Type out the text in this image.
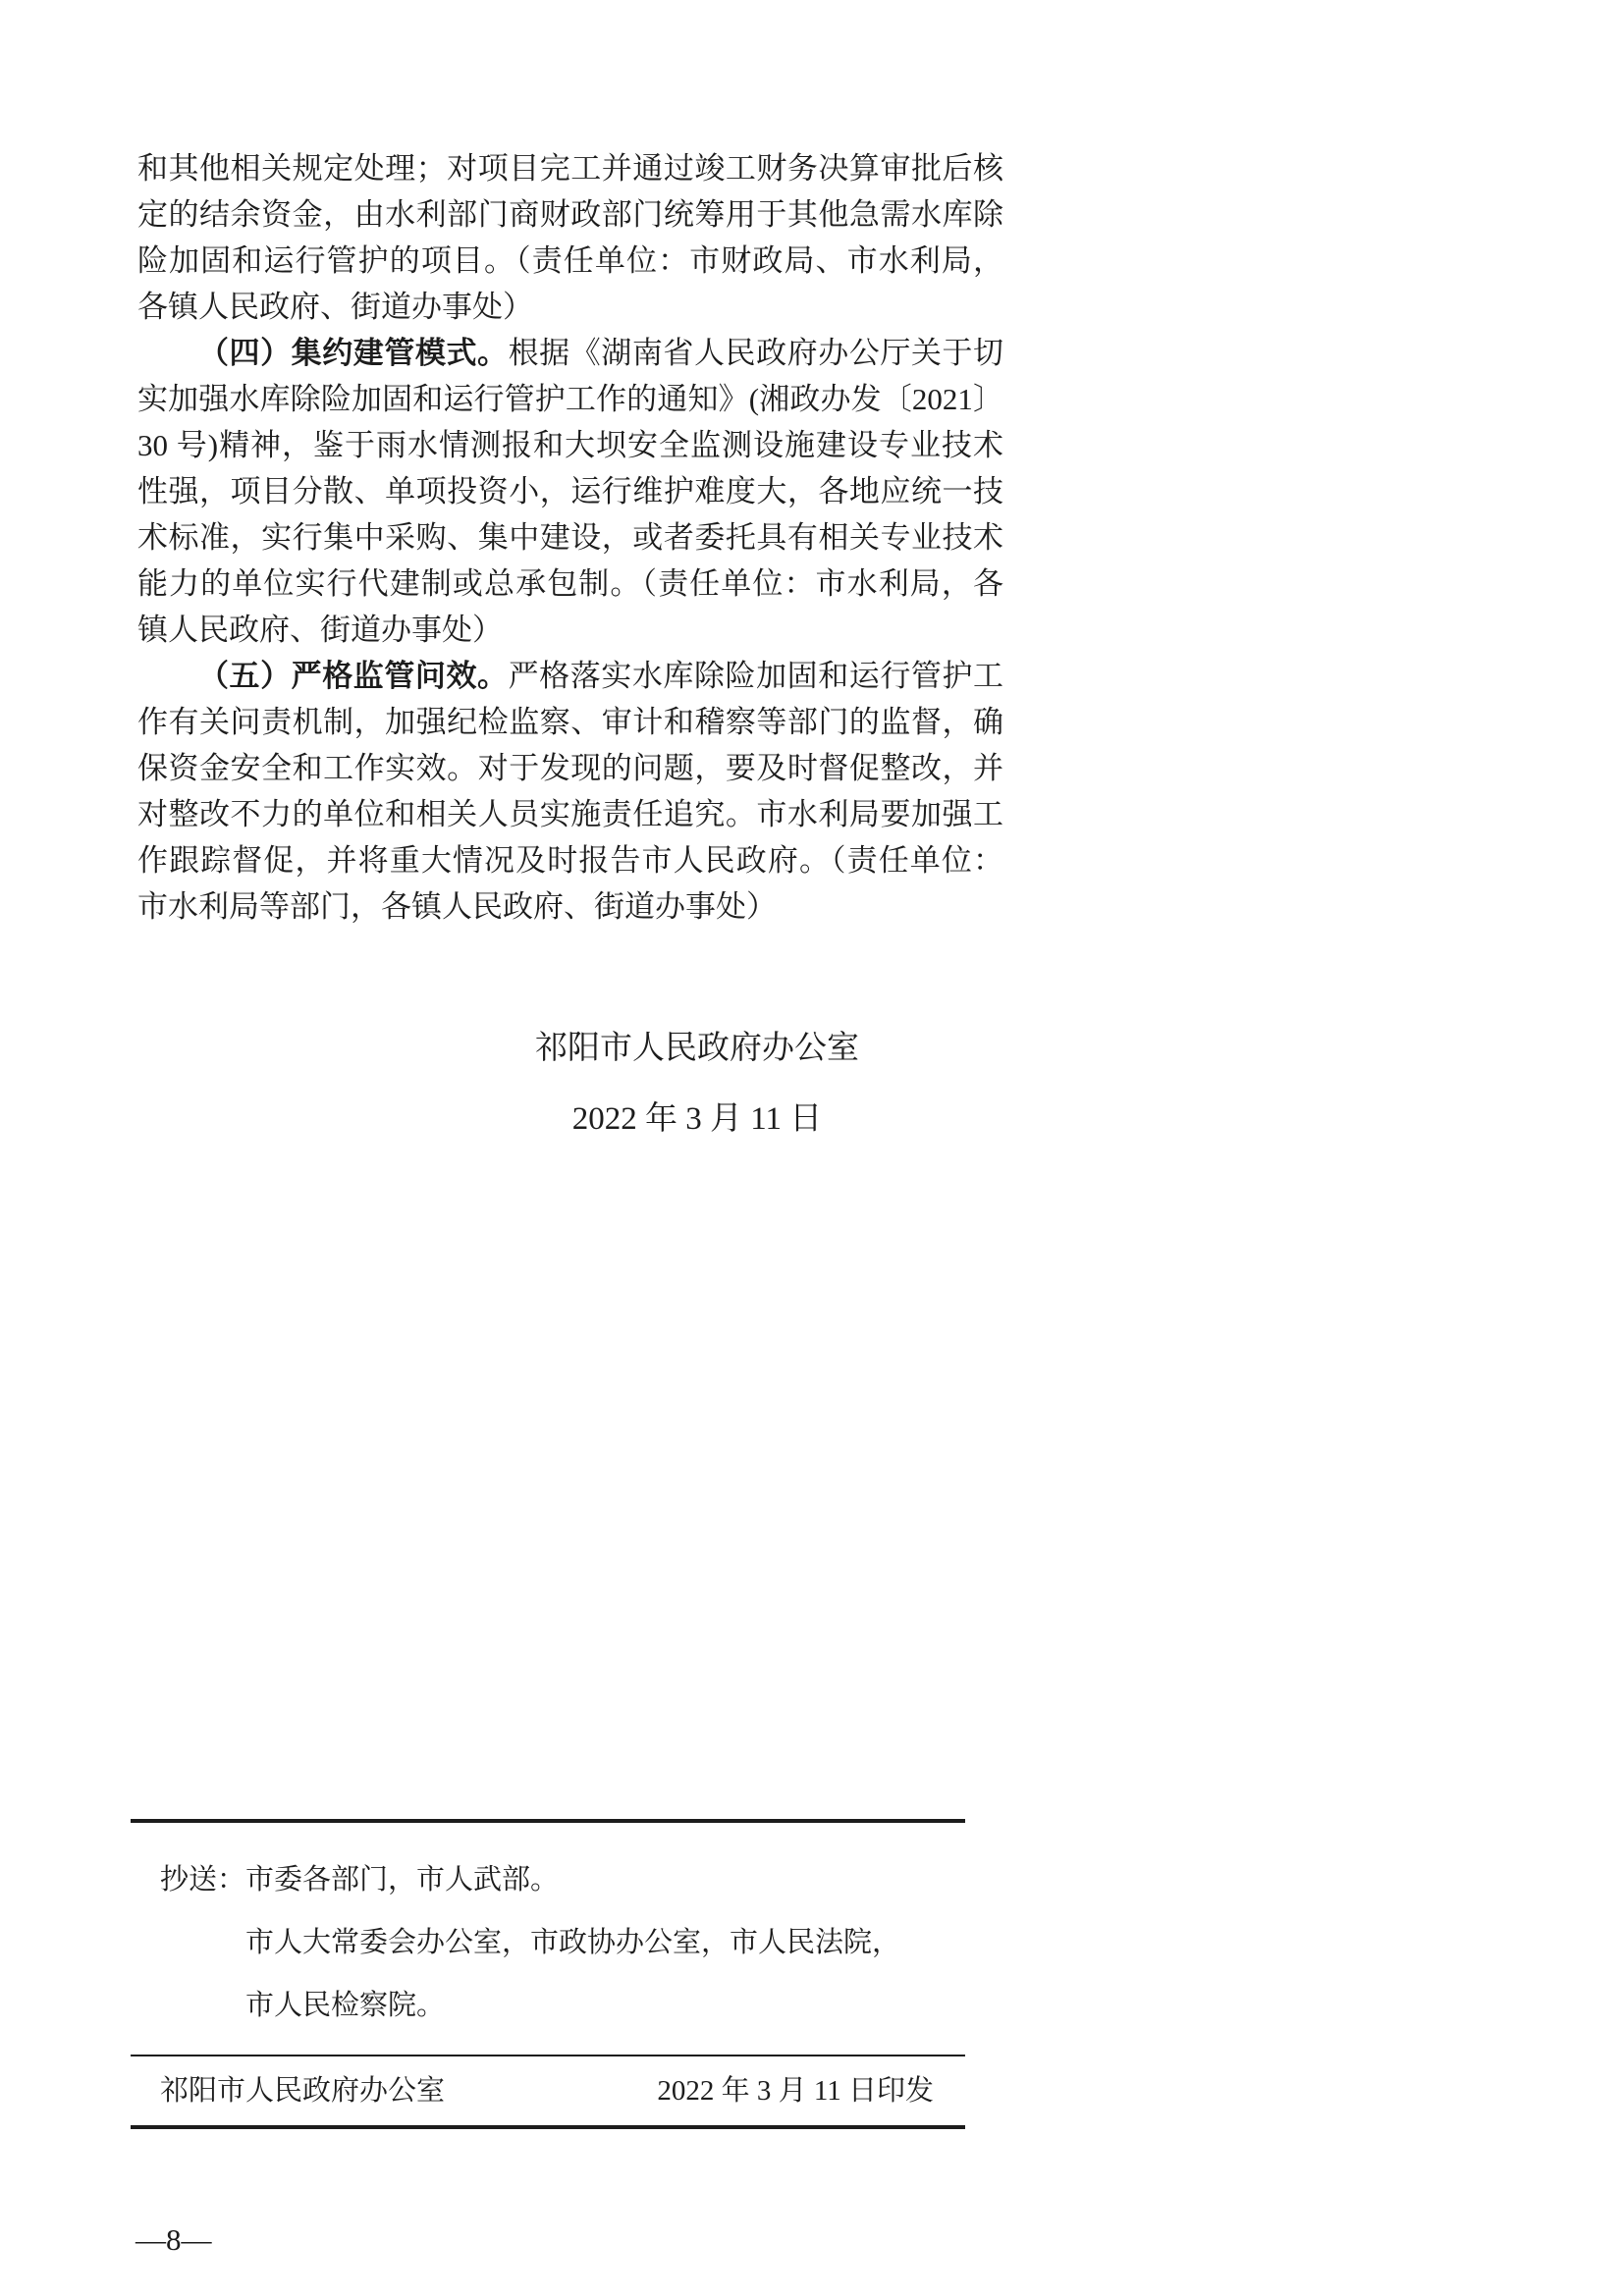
和其他相关规定处理；对项目完工并通过竣工财务决算审批后核定的结余资金，由水利部门商财政部门统筹用于其他急需水库除险加固和运行管护的项目。（责任单位：市财政局、市水利局，各镇人民政府、街道办事处）

（四）集约建管模式。根据《湖南省人民政府办公厅关于切实加强水库除险加固和运行管护工作的通知》(湘政办发〔2021〕30 号)精神，鉴于雨水情测报和大坝安全监测设施建设专业技术性强，项目分散、单项投资小，运行维护难度大，各地应统一技术标准，实行集中采购、集中建设，或者委托具有相关专业技术能力的单位实行代建制或总承包制。（责任单位：市水利局，各镇人民政府、街道办事处）

（五）严格监管问效。严格落实水库除险加固和运行管护工作有关问责机制，加强纪检监察、审计和稽察等部门的监督，确保资金安全和工作实效。对于发现的问题，要及时督促整改，并对整改不力的单位和相关人员实施责任追究。市水利局要加强工作跟踪督促，并将重大情况及时报告市人民政府。（责任单位：市水利局等部门，各镇人民政府、街道办事处）

祁阳市人民政府办公室
2022 年 3 月 11 日
抄送： 市委各部门，市人武部。
市人大常委会办公室，市政协办公室，市人民法院，
市人民检察院。
祁阳市人民政府办公室	2022 年 3 月 11 日印发
—8—
